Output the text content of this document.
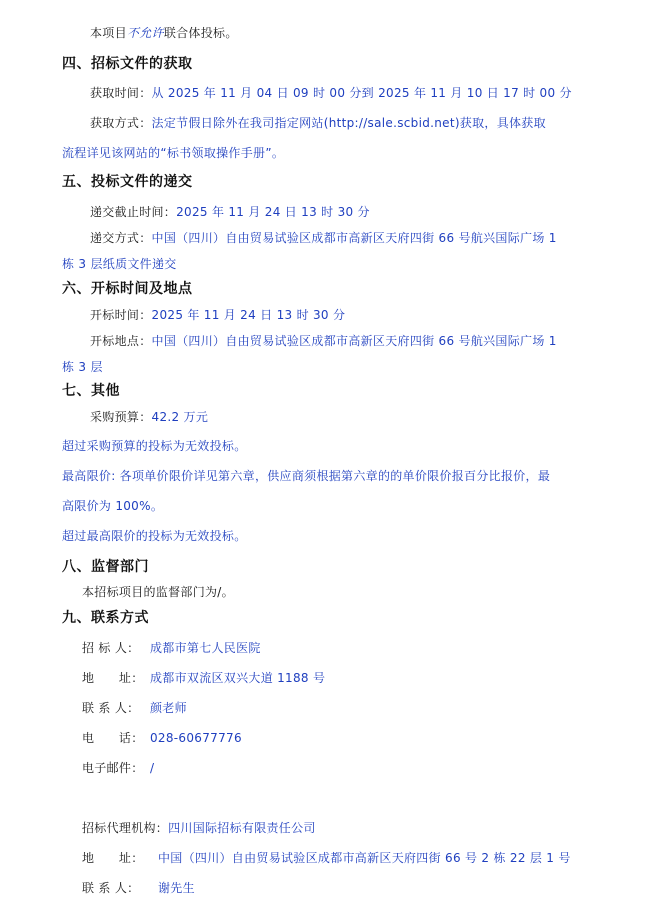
本项目不允许联合体投标。
四、招标文件的获取
获取时间：从 2025 年 11 月 04 日 09 时 00 分到 2025 年 11 月 10 日 17 时 00 分
获取方式：法定节假日除外在我司指定网站(http://sale.scbid.net)获取，具体获取
流程详见该网站的“标书领取操作手册”。
五、投标文件的递交
递交截止时间：2025 年 11 月 24 日 13 时 30 分
递交方式：中国（四川）自由贸易试验区成都市高新区天府四街 66 号航兴国际广场 1
栋 3 层纸质文件递交
六、开标时间及地点
开标时间：2025 年 11 月 24 日 13 时 30 分
开标地点：中国（四川）自由贸易试验区成都市高新区天府四街 66 号航兴国际广场 1
栋 3 层
七、其他
采购预算：42.2 万元
超过采购预算的投标为无效投标。
最高限价: 各项单价限价详见第六章，供应商须根据第六章的的单价限价报百分比报价，最
高限价为 100%。
超过最高限价的投标为无效投标。
八、监督部门
本招标项目的监督部门为/。
九、联系方式
招 标 人： 成都市第七人民医院
地　　址： 成都市双流区双兴大道 1188 号
联 系 人： 颜老师
电　　话： 028-60677776
电子邮件： /
招标代理机构：四川国际招标有限责任公司
地　　址： 中国（四川）自由贸易试验区成都市高新区天府四街 66 号 2 栋 22 层 1 号
联 系 人： 谢先生
